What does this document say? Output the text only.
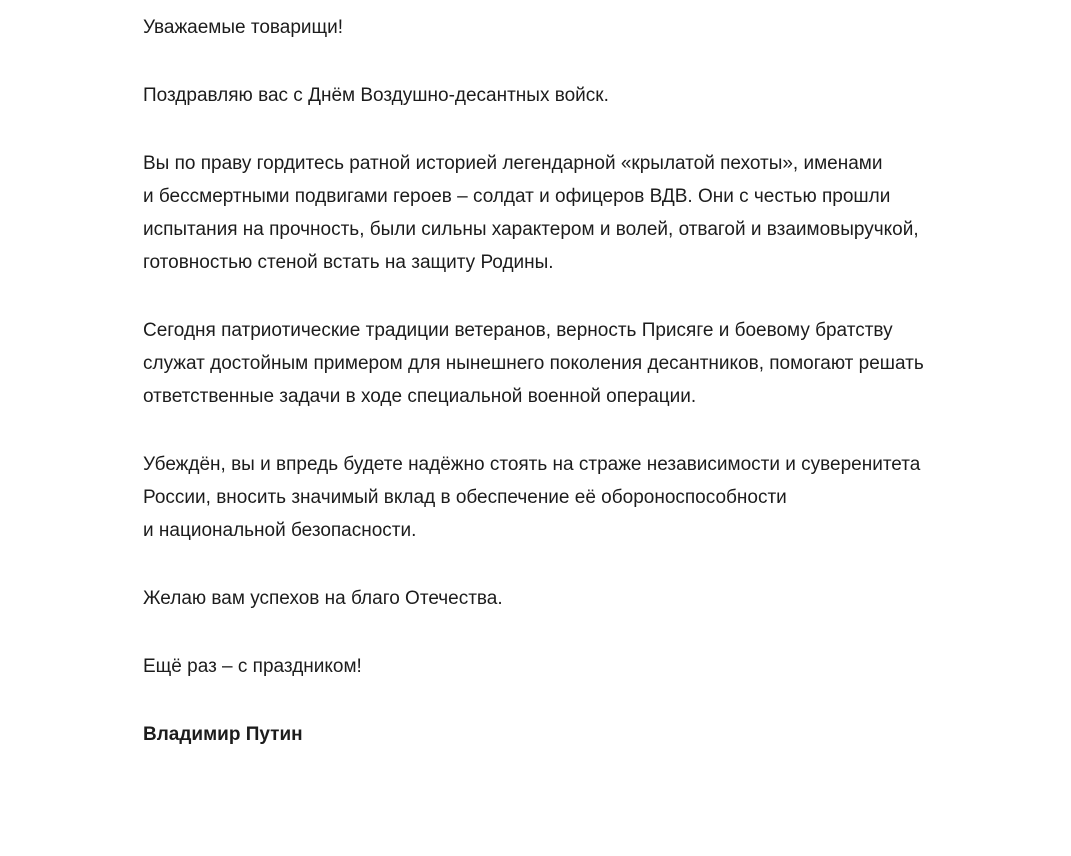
Уважаемые товарищи!

Поздравляю вас с Днём Воздушно-десантных войск.

Вы по праву гордитесь ратной историей легендарной «крылатой пехоты», именами
и бессмертными подвигами героев – солдат и офицеров ВДВ. Они с честью прошли
испытания на прочность, были сильны характером и волей, отвагой и взаимовыручкой,
готовностью стеной встать на защиту Родины.

Сегодня патриотические традиции ветеранов, верность Присяге и боевому братству
служат достойным примером для нынешнего поколения десантников, помогают решать
ответственные задачи в ходе специальной военной операции.

Убеждён, вы и впредь будете надёжно стоять на страже независимости и суверенитета
России, вносить значимый вклад в обеспечение её обороноспособности
и национальной безопасности.

Желаю вам успехов на благо Отечества.

Ещё раз – с праздником!

Владимир Путин
